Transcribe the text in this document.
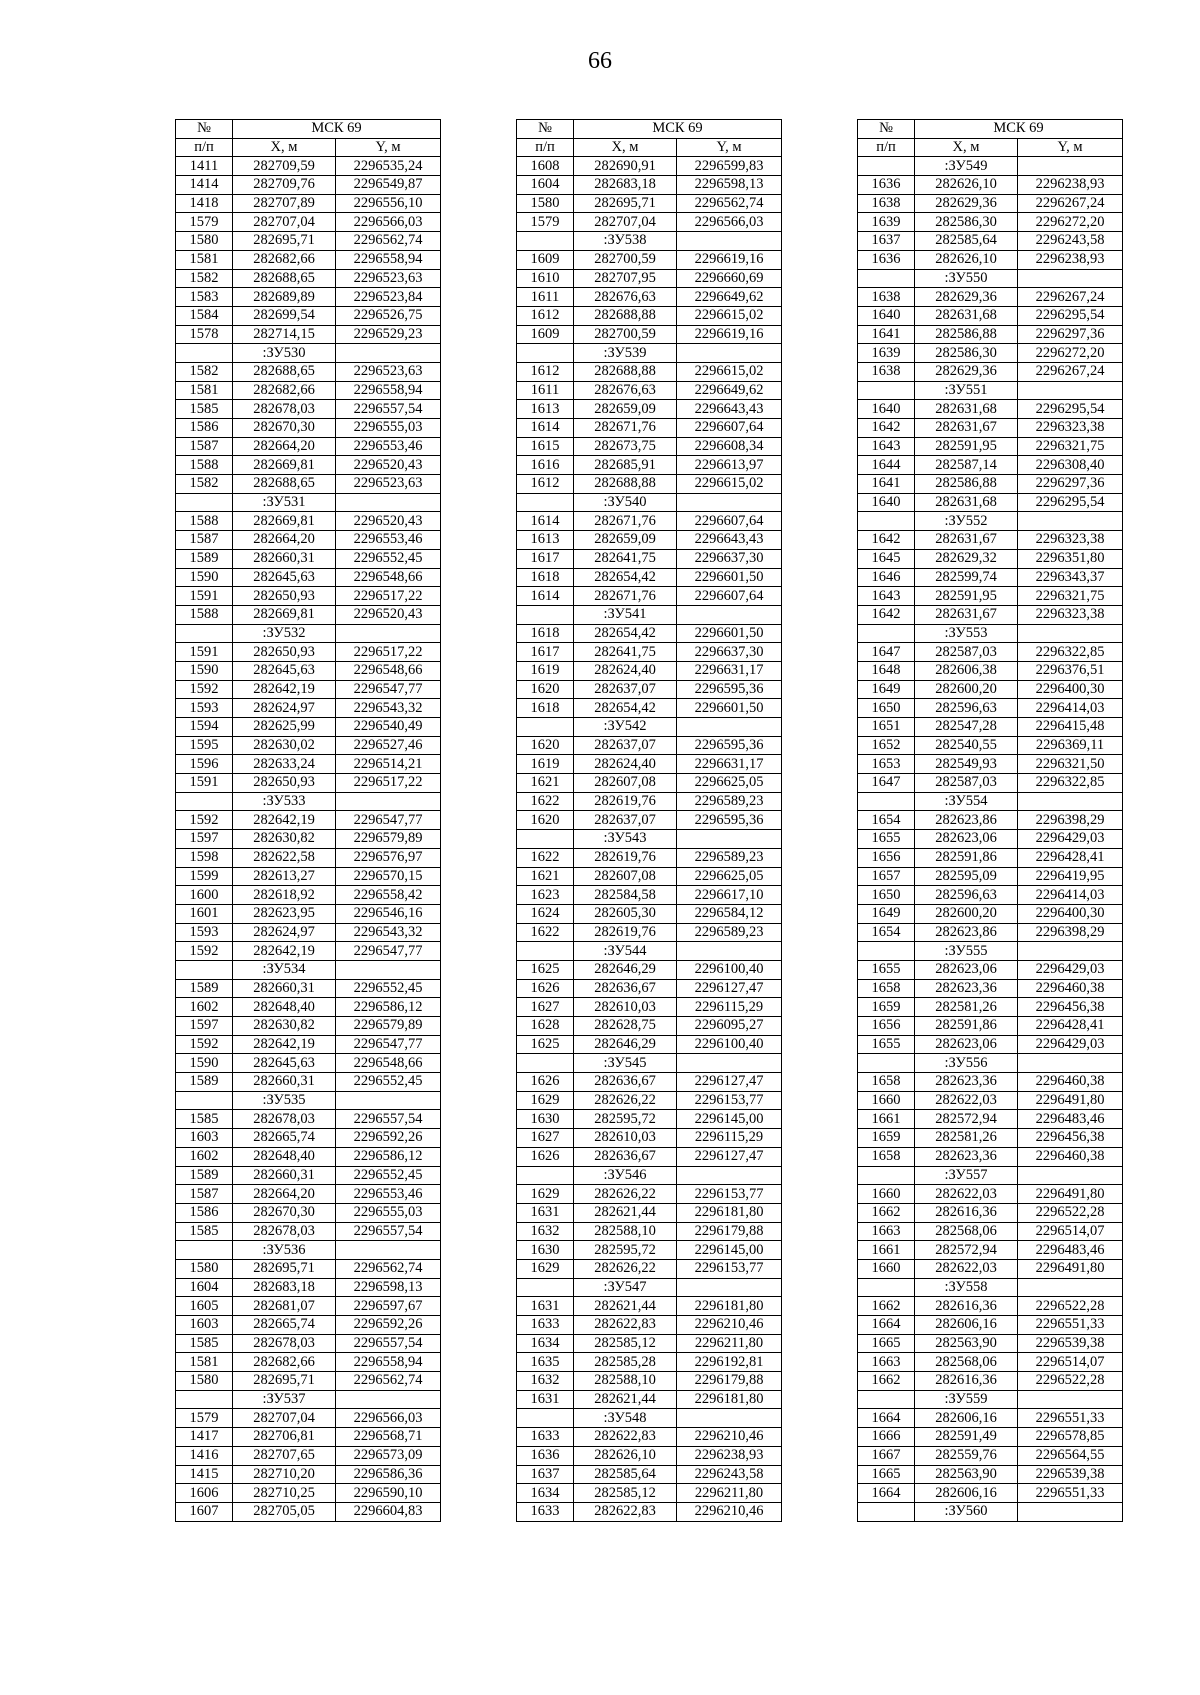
66
№	МСК 69	
п/п	X, м	Y, м
1411	282709,59	2296535,24
1414	282709,76	2296549,87
1418	282707,89	2296556,10
1579	282707,04	2296566,03
1580	282695,71	2296562,74
1581	282682,66	2296558,94
1582	282688,65	2296523,63
1583	282689,89	2296523,84
1584	282699,54	2296526,75
1578	282714,15	2296529,23
	:ЗУ530	
1582	282688,65	2296523,63
1581	282682,66	2296558,94
1585	282678,03	2296557,54
1586	282670,30	2296555,03
1587	282664,20	2296553,46
1588	282669,81	2296520,43
1582	282688,65	2296523,63
	:ЗУ531	
1588	282669,81	2296520,43
1587	282664,20	2296553,46
1589	282660,31	2296552,45
1590	282645,63	2296548,66
1591	282650,93	2296517,22
1588	282669,81	2296520,43
	:ЗУ532	
1591	282650,93	2296517,22
1590	282645,63	2296548,66
1592	282642,19	2296547,77
1593	282624,97	2296543,32
1594	282625,99	2296540,49
1595	282630,02	2296527,46
1596	282633,24	2296514,21
1591	282650,93	2296517,22
	:ЗУ533	
1592	282642,19	2296547,77
1597	282630,82	2296579,89
1598	282622,58	2296576,97
1599	282613,27	2296570,15
1600	282618,92	2296558,42
1601	282623,95	2296546,16
1593	282624,97	2296543,32
1592	282642,19	2296547,77
	:ЗУ534	
1589	282660,31	2296552,45
1602	282648,40	2296586,12
1597	282630,82	2296579,89
1592	282642,19	2296547,77
1590	282645,63	2296548,66
1589	282660,31	2296552,45
	:ЗУ535	
1585	282678,03	2296557,54
1603	282665,74	2296592,26
1602	282648,40	2296586,12
1589	282660,31	2296552,45
1587	282664,20	2296553,46
1586	282670,30	2296555,03
1585	282678,03	2296557,54
	:ЗУ536	
1580	282695,71	2296562,74
1604	282683,18	2296598,13
1605	282681,07	2296597,67
1603	282665,74	2296592,26
1585	282678,03	2296557,54
1581	282682,66	2296558,94
1580	282695,71	2296562,74
	:ЗУ537	
1579	282707,04	2296566,03
1417	282706,81	2296568,71
1416	282707,65	2296573,09
1415	282710,20	2296586,36
1606	282710,25	2296590,10
1607	282705,05	2296604,83
№	МСК 69	
п/п	X, м	Y, м
1608	282690,91	2296599,83
1604	282683,18	2296598,13
1580	282695,71	2296562,74
1579	282707,04	2296566,03
	:ЗУ538	
1609	282700,59	2296619,16
1610	282707,95	2296660,69
1611	282676,63	2296649,62
1612	282688,88	2296615,02
1609	282700,59	2296619,16
	:ЗУ539	
1612	282688,88	2296615,02
1611	282676,63	2296649,62
1613	282659,09	2296643,43
1614	282671,76	2296607,64
1615	282673,75	2296608,34
1616	282685,91	2296613,97
1612	282688,88	2296615,02
	:ЗУ540	
1614	282671,76	2296607,64
1613	282659,09	2296643,43
1617	282641,75	2296637,30
1618	282654,42	2296601,50
1614	282671,76	2296607,64
	:ЗУ541	
1618	282654,42	2296601,50
1617	282641,75	2296637,30
1619	282624,40	2296631,17
1620	282637,07	2296595,36
1618	282654,42	2296601,50
	:ЗУ542	
1620	282637,07	2296595,36
1619	282624,40	2296631,17
1621	282607,08	2296625,05
1622	282619,76	2296589,23
1620	282637,07	2296595,36
	:ЗУ543	
1622	282619,76	2296589,23
1621	282607,08	2296625,05
1623	282584,58	2296617,10
1624	282605,30	2296584,12
1622	282619,76	2296589,23
	:ЗУ544	
1625	282646,29	2296100,40
1626	282636,67	2296127,47
1627	282610,03	2296115,29
1628	282628,75	2296095,27
1625	282646,29	2296100,40
	:ЗУ545	
1626	282636,67	2296127,47
1629	282626,22	2296153,77
1630	282595,72	2296145,00
1627	282610,03	2296115,29
1626	282636,67	2296127,47
	:ЗУ546	
1629	282626,22	2296153,77
1631	282621,44	2296181,80
1632	282588,10	2296179,88
1630	282595,72	2296145,00
1629	282626,22	2296153,77
	:ЗУ547	
1631	282621,44	2296181,80
1633	282622,83	2296210,46
1634	282585,12	2296211,80
1635	282585,28	2296192,81
1632	282588,10	2296179,88
1631	282621,44	2296181,80
	:ЗУ548	
1633	282622,83	2296210,46
1636	282626,10	2296238,93
1637	282585,64	2296243,58
1634	282585,12	2296211,80
1633	282622,83	2296210,46
№	МСК 69	
п/п	X, м	Y, м
	:ЗУ549	
1636	282626,10	2296238,93
1638	282629,36	2296267,24
1639	282586,30	2296272,20
1637	282585,64	2296243,58
1636	282626,10	2296238,93
	:ЗУ550	
1638	282629,36	2296267,24
1640	282631,68	2296295,54
1641	282586,88	2296297,36
1639	282586,30	2296272,20
1638	282629,36	2296267,24
	:ЗУ551	
1640	282631,68	2296295,54
1642	282631,67	2296323,38
1643	282591,95	2296321,75
1644	282587,14	2296308,40
1641	282586,88	2296297,36
1640	282631,68	2296295,54
	:ЗУ552	
1642	282631,67	2296323,38
1645	282629,32	2296351,80
1646	282599,74	2296343,37
1643	282591,95	2296321,75
1642	282631,67	2296323,38
	:ЗУ553	
1647	282587,03	2296322,85
1648	282606,38	2296376,51
1649	282600,20	2296400,30
1650	282596,63	2296414,03
1651	282547,28	2296415,48
1652	282540,55	2296369,11
1653	282549,93	2296321,50
1647	282587,03	2296322,85
	:ЗУ554	
1654	282623,86	2296398,29
1655	282623,06	2296429,03
1656	282591,86	2296428,41
1657	282595,09	2296419,95
1650	282596,63	2296414,03
1649	282600,20	2296400,30
1654	282623,86	2296398,29
	:ЗУ555	
1655	282623,06	2296429,03
1658	282623,36	2296460,38
1659	282581,26	2296456,38
1656	282591,86	2296428,41
1655	282623,06	2296429,03
	:ЗУ556	
1658	282623,36	2296460,38
1660	282622,03	2296491,80
1661	282572,94	2296483,46
1659	282581,26	2296456,38
1658	282623,36	2296460,38
	:ЗУ557	
1660	282622,03	2296491,80
1662	282616,36	2296522,28
1663	282568,06	2296514,07
1661	282572,94	2296483,46
1660	282622,03	2296491,80
	:ЗУ558	
1662	282616,36	2296522,28
1664	282606,16	2296551,33
1665	282563,90	2296539,38
1663	282568,06	2296514,07
1662	282616,36	2296522,28
	:ЗУ559	
1664	282606,16	2296551,33
1666	282591,49	2296578,85
1667	282559,76	2296564,55
1665	282563,90	2296539,38
1664	282606,16	2296551,33
	:ЗУ560	
